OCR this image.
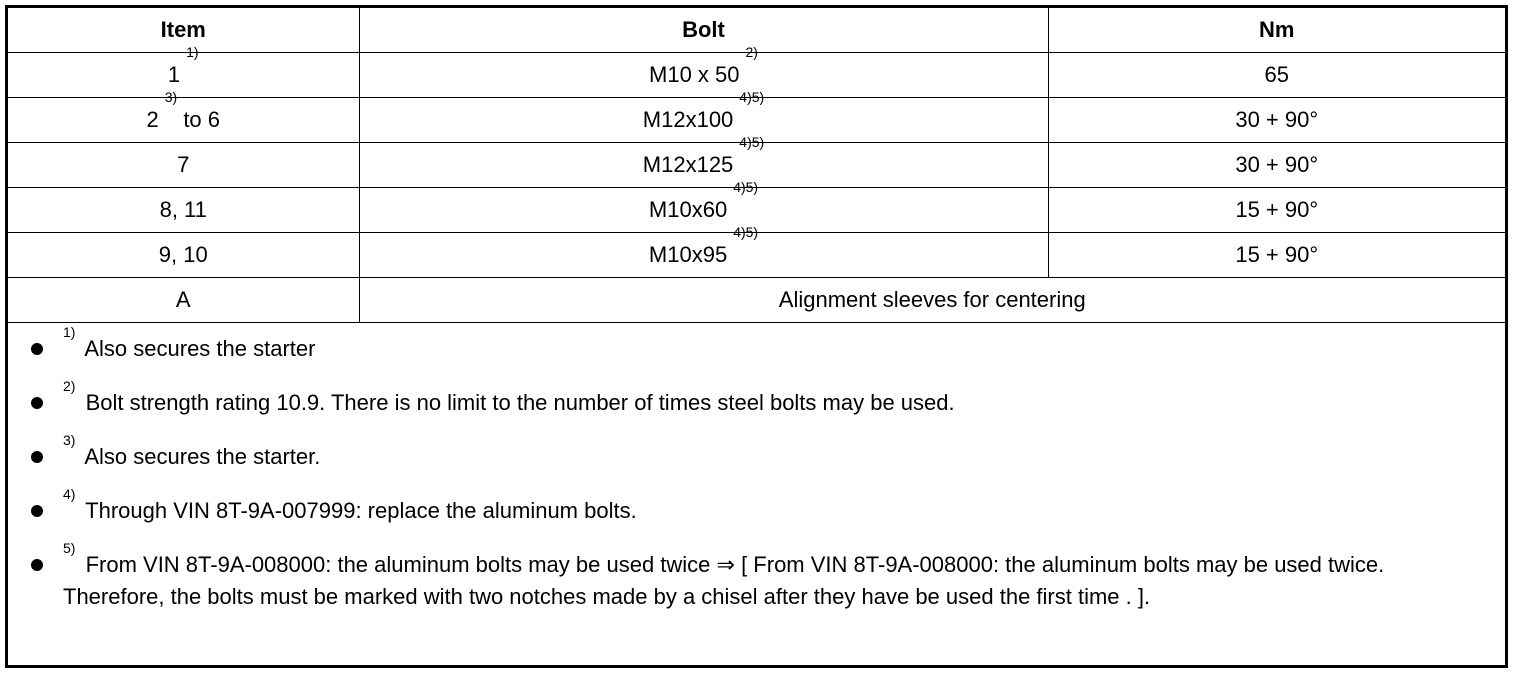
Item	Bolt	Nm
1$^{1)}$	M10 x 50$^{2)}$	65
2$^{3)}$ to 6	$M12x100^{4)5)}$	30 + 90°
7	$M12x125^{4)5)}$	30 + 90°
8, 11	$M10x60^{4)5)}$	15 + 90°
9, 10	$M10x95^{4)5)}$	15 + 90°
A	Alignment sleeves for centering	
$^{1)}$ Also secures the starter
$^{2)}$ Bolt strength rating 10.9. There is no limit to the number of times steel bolts may be used.
$^{3)}$ Also secures the starter.
$^{4)}$ Through VIN 8T-9A-007999: replace the aluminum bolts.
$^{5)}$ From VIN 8T-9A-008000: the aluminum bolts may be used twice ⇒ [ From VIN 8T-9A-008000: the aluminum bolts may be used twice. Therefore, the bolts must be marked with two notches made by a chisel after they have be used the first time . ].
